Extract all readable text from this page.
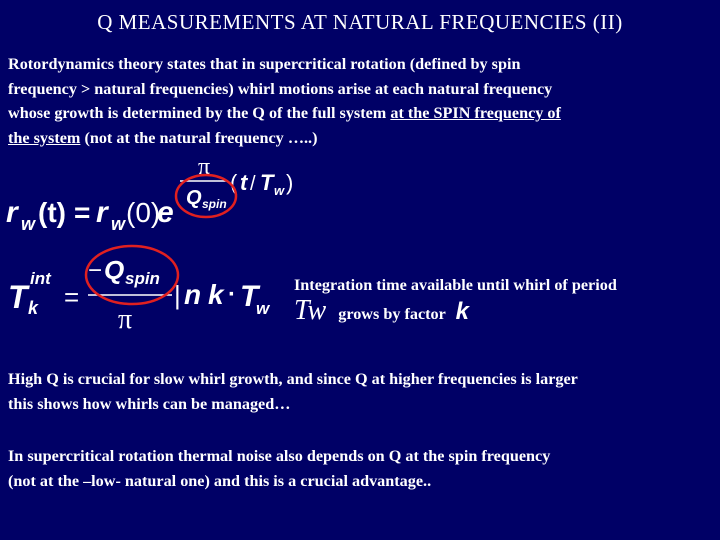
Q MEASUREMENTS AT NATURAL FREQUENCIES (II)
Rotordynamics theory states that in supercritical rotation (defined by spin
frequency > natural frequencies) whirl motions arise at each natural frequency
whose growth is determined by the Q of the full system at the SPIN frequency of
the system (not at the natural frequency …..)
r w (t) = r w (0)
e
π
Q spin
( t / T w )
T
int
k =
− Q spin
π
| n k · T
w
Integration time available until whirl of period
Tw grows by factor k
High Q is crucial for slow whirl growth, and since Q at higher frequencies is larger
this shows how whirls can be managed…
In supercritical rotation thermal noise also depends on Q at the spin frequency
(not at the –low- natural one) and this is a crucial advantage..
